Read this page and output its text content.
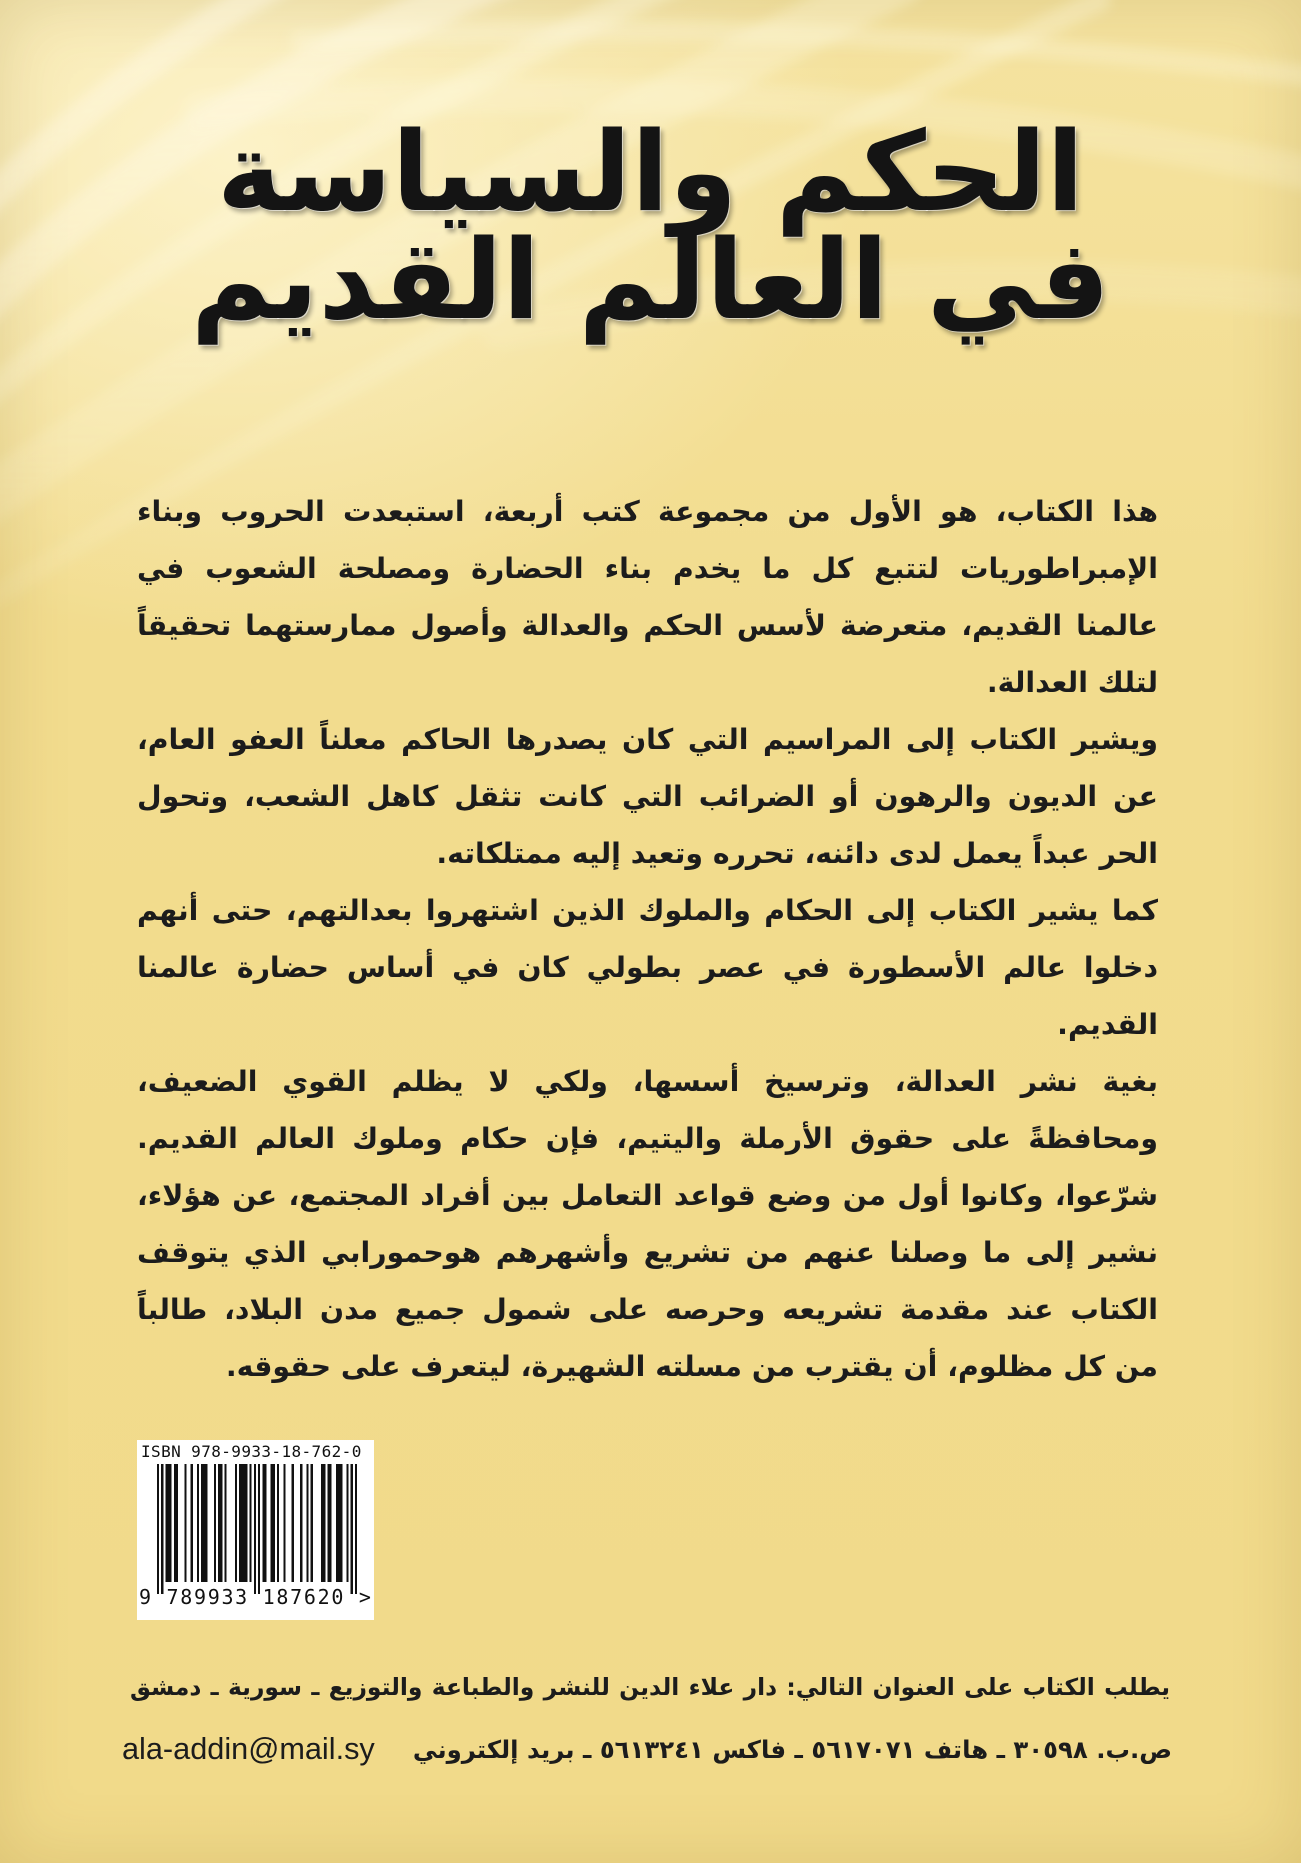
الحكم والسياسة
في العالم القديم
هذا الكتاب، هو الأول من مجموعة كتب أربعة، استبعدت الحروب وبناء
الإمبراطوريات لتتبع كل ما يخدم بناء الحضارة ومصلحة الشعوب في
عالمنا القديم، متعرضة لأسس الحكم والعدالة وأصول ممارستهما تحقيقاً
لتلك العدالة.
ويشير الكتاب إلى المراسيم التي كان يصدرها الحاكم معلناً العفو العام،
عن الديون والرهون أو الضرائب التي كانت تثقل كاهل الشعب، وتحول
الحر عبداً يعمل لدى دائنه، تحرره وتعيد إليه ممتلكاته.
كما يشير الكتاب إلى الحكام والملوك الذين اشتهروا بعدالتهم، حتى أنهم
دخلوا عالم الأسطورة في عصر بطولي كان في أساس حضارة عالمنا
القديم.
بغية نشر العدالة، وترسيخ أسسها، ولكي لا يظلم القوي الضعيف،
ومحافظةً على حقوق الأرملة واليتيم، فإن حكام وملوك العالم القديم.
شرّعوا، وكانوا أول من وضع قواعد التعامل بين أفراد المجتمع، عن هؤلاء،
نشير إلى ما وصلنا عنهم من تشريع وأشهرهم هوحمورابي الذي يتوقف
الكتاب عند مقدمة تشريعه وحرصه على شمول جميع مدن البلاد، طالباً
من كل مظلوم، أن يقترب من مسلته الشهيرة، ليتعرف على حقوقه.
ISBN 978-9933-18-762-0
9 789933 187620 >
يطلب الكتاب على العنوان التالي: دار علاء الدين للنشر والطباعة والتوزيع ـ سورية ـ دمشق
ص.ب. ٣٠٥٩٨ ـ هاتف ٥٦١٧٠٧١ ـ فاكس ٥٦١٣٢٤١ ـ بريد إلكتروني
ala-addin@mail.sy
